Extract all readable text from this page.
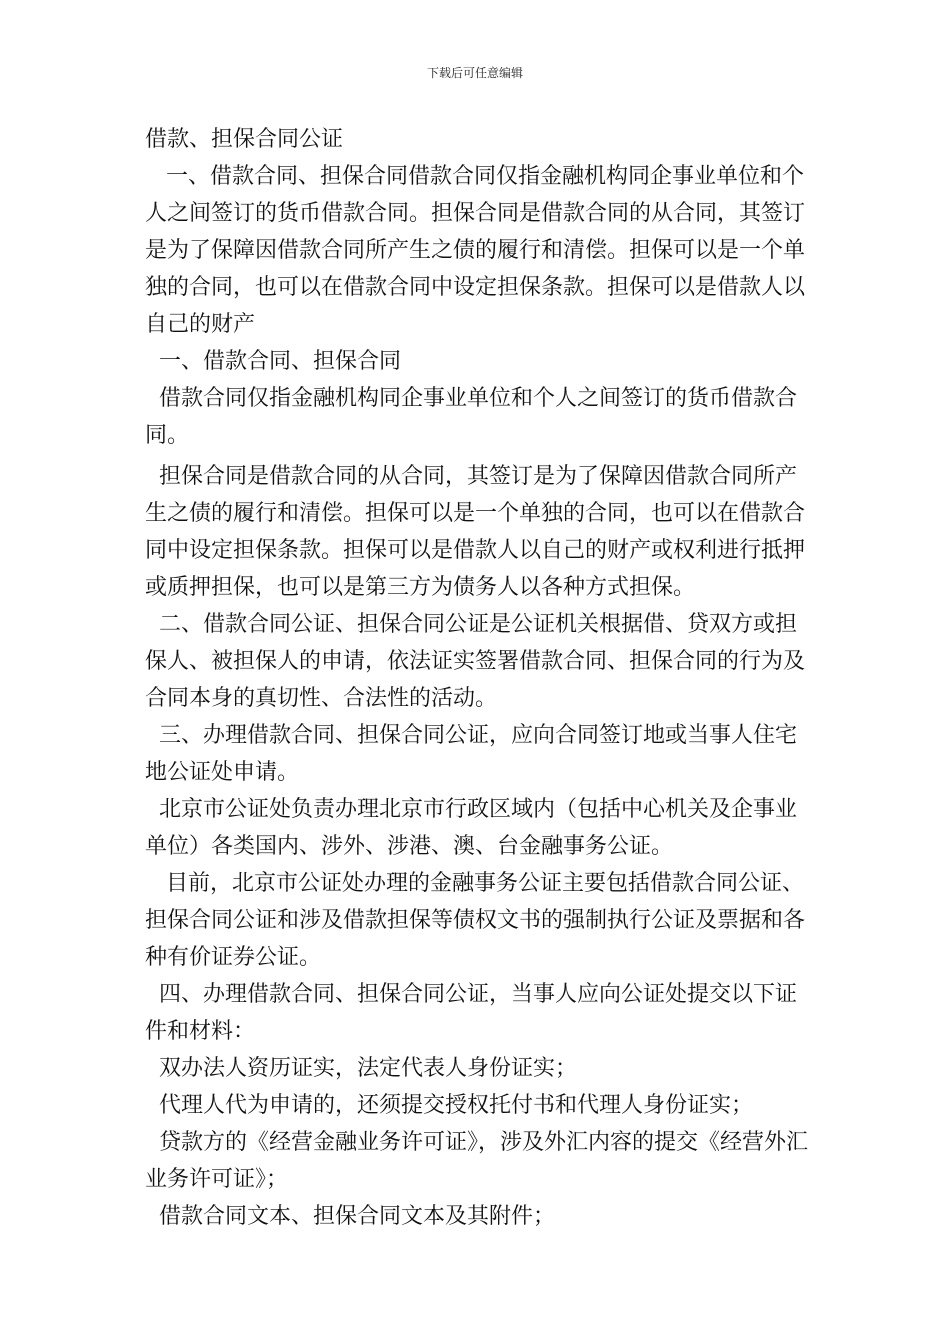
下载后可任意编辑

借款、担保合同公证

一、借款合同、担保合同借款合同仅指金融机构同企事业单位和个人之间签订的货币借款合同。担保合同是借款合同的从合同，其签订是为了保障因借款合同所产生之债的履行和清偿。担保可以是一个单独的合同，也可以在借款合同中设定担保条款。担保可以是借款人以自己的财产

一、借款合同、担保合同

借款合同仅指金融机构同企事业单位和个人之间签订的货币借款合同。

担保合同是借款合同的从合同，其签订是为了保障因借款合同所产生之债的履行和清偿。担保可以是一个单独的合同，也可以在借款合同中设定担保条款。担保可以是借款人以自己的财产或权利进行抵押或质押担保，也可以是第三方为债务人以各种方式担保。

二、借款合同公证、担保合同公证是公证机关根据借、贷双方或担保人、被担保人的申请，依法证实签署借款合同、担保合同的行为及合同本身的真切性、合法性的活动。

三、办理借款合同、担保合同公证，应向合同签订地或当事人住宅地公证处申请。

北京市公证处负责办理北京市行政区域内（包括中心机关及企事业单位）各类国内、涉外、涉港、澳、台金融事务公证。

目前，北京市公证处办理的金融事务公证主要包括借款合同公证、担保合同公证和涉及借款担保等债权文书的强制执行公证及票据和各种有价证券公证。

四、办理借款合同、担保合同公证，当事人应向公证处提交以下证件和材料：

双办法人资历证实，法定代表人身份证实；

代理人代为申请的，还须提交授权托付书和代理人身份证实；

贷款方的《经营金融业务许可证》，涉及外汇内容的提交《经营外汇业务许可证》；

借款合同文本、担保合同文本及其附件；
